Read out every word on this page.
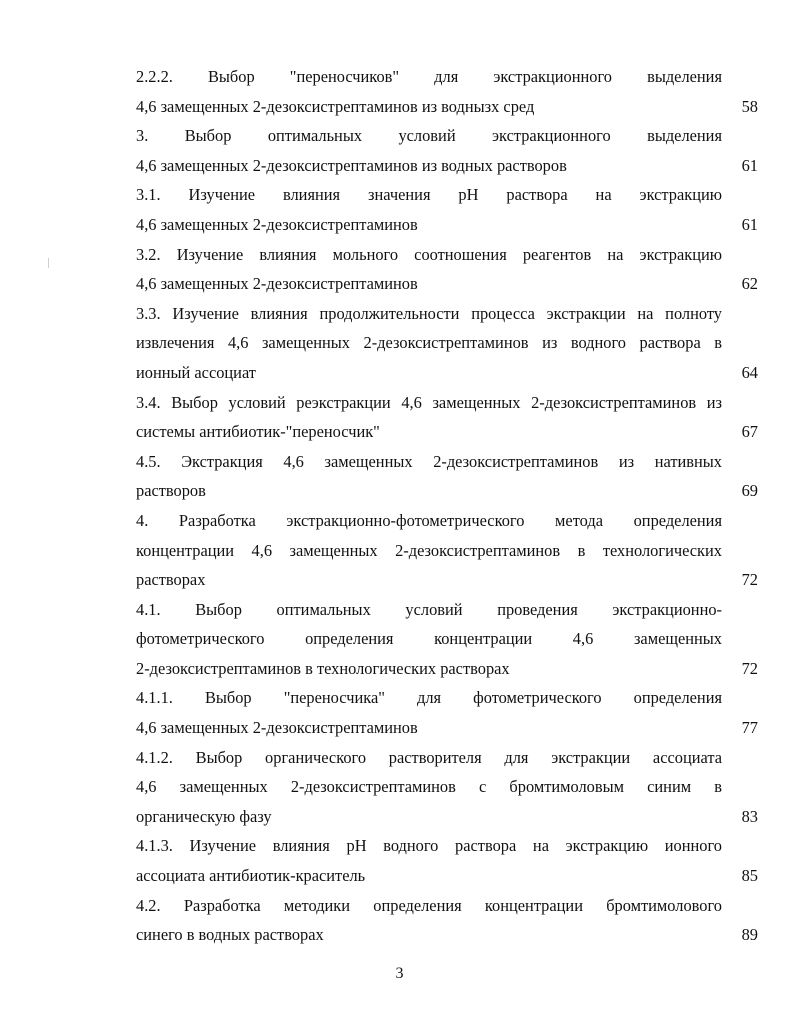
2.2.2. Выбор "переносчиков" для экстракционного выделения
4,6 замещенных 2-дезоксистрептаминов из воднызх сред	58
3. Выбор оптимальных условий экстракционного выделения
4,6 замещенных 2-дезоксистрептаминов из водных растворов	61
3.1. Изучение влияния значения рН раствора на экстракцию
4,6 замещенных 2-дезоксистрептаминов	61
3.2. Изучение влияния мольного соотношения реагентов на экстракцию
4,6 замещенных 2-дезоксистрептаминов	62
3.3. Изучение влияния продолжительности процесса экстракции на полноту
извлечения 4,6 замещенных 2-дезоксистрептаминов из водного раствора в
ионный ассоциат	64
3.4. Выбор условий реэкстракции 4,6 замещенных 2-дезоксистрептаминов из
системы антибиотик-"переносчик"	67
4.5. Экстракция 4,6 замещенных 2-дезоксистрептаминов из нативных
растворов	69
4. Разработка экстракционно-фотометрического метода определения
концентрации 4,6 замещенных 2-дезоксистрептаминов в технологических
растворах	72
4.1. Выбор оптимальных условий проведения экстракционно-
фотометрического определения концентрации 4,6 замещенных
2-дезоксистрептаминов в технологических растворах	72
4.1.1. Выбор "переносчика" для фотометрического определения
4,6 замещенных 2-дезоксистрептаминов	77
4.1.2. Выбор органического растворителя для экстракции ассоциата
4,6 замещенных 2-дезоксистрептаминов с бромтимоловым синим в
органическую фазу	83
4.1.3. Изучение влияния рН водного раствора на экстракцию ионного
ассоциата антибиотик-краситель	85
4.2. Разработка методики определения концентрации бромтимолового
синего в водных растворах	89
3
